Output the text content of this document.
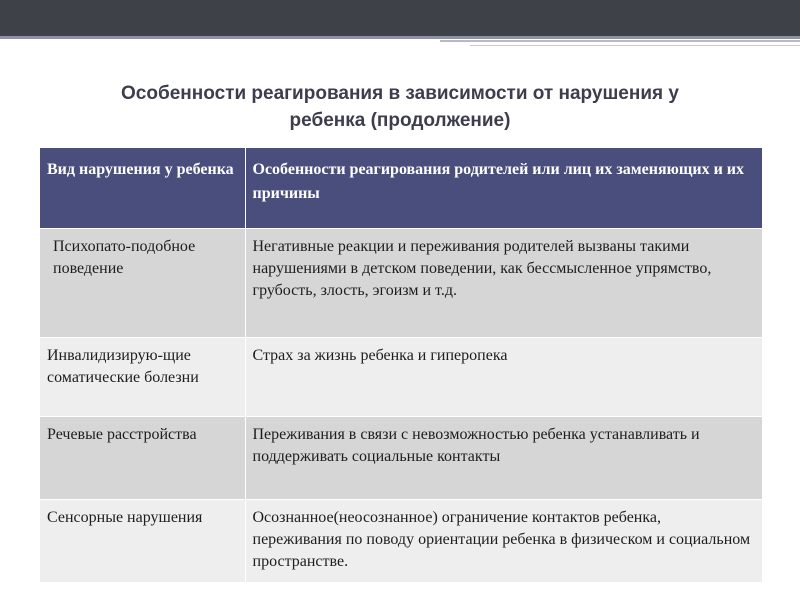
Особенности реагирования в зависимости от нарушения у
ребенка (продолжение)
Вид нарушения у ребенка	Особенности реагирования родителей или лиц их заменяющих и их причины
Психопато-подобное поведение	Негативные реакции и переживания родителей вызваны такими нарушениями в детском поведении, как бессмысленное упрямство, грубость, злость, эгоизм и т.д.
Инвалидизирую-щие соматические болезни	Страх за жизнь ребенка и гиперопека
Речевые расстройства	Переживания в связи с невозможностью ребенка устанавливать и поддерживать социальные контакты
Сенсорные нарушения	Осознанное(неосознанное) ограничение контактов ребенка, переживания по поводу ориентации ребенка в физическом и социальном пространстве.
